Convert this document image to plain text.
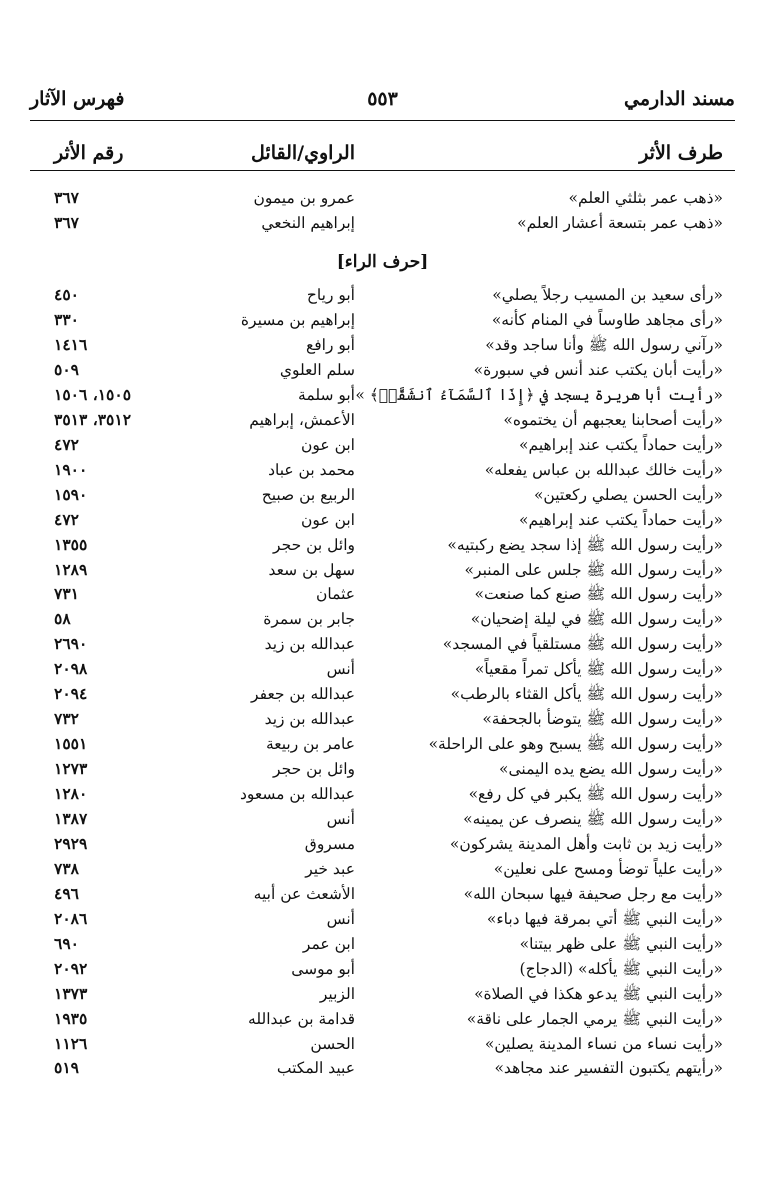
مسند الدارمي
٥٥٣
فهرس الآثار
طرف الأثر
الراوي/القائل
رقم الأثر
«ذهب عمر بثلثي العلم»
عمرو بن ميمون
٣٦٧
«ذهب عمر بتسعة أعشار العلم»
إبراهيم النخعي
٣٦٧
[حرف الراء]
«رأى سعيد بن المسيب رجلاً يصلي»
أبو رياح
٤٥٠
«رأى مجاهد طاوساً في المنام كأنه»
إبراهيم بن مسيرة
٣٣٠
«رآني رسول الله ﷺ وأنا ساجد وقد»
أبو رافع
١٤١٦
«رأيت أبان يكتب عند أنس في سبورة»
سلم العلوي
٥٠٩
«رأيت أبا هريرة يسجد في ﴿إِذَا ٱلسَّمَآءُ ٱنشَقَّتۡ﴾ »
أبو سلمة
١٥٠٥، ١٥٠٦
«رأيت أصحابنا يعجبهم أن يختموه»
الأعمش، إبراهيم
٣٥١٢، ٣٥١٣
«رأيت حماداً يكتب عند إبراهيم»
ابن عون
٤٧٢
«رأيت خالك عبدالله بن عباس يفعله»
محمد بن عباد
١٩٠٠
«رأيت الحسن يصلي ركعتين»
الربيع بن صبيح
١٥٩٠
«رأيت حماداً يكتب عند إبراهيم»
ابن عون
٤٧٢
«رأيت رسول الله ﷺ إذا سجد يضع ركبتيه»
وائل بن حجر
١٣٥٥
«رأيت رسول الله ﷺ جلس على المنبر»
سهل بن سعد
١٢٨٩
«رأيت رسول الله ﷺ صنع كما صنعت»
عثمان
٧٣١
«رأيت رسول الله ﷺ في ليلة إضحيان»
جابر بن سمرة
٥٨
«رأيت رسول الله ﷺ مستلقياً في المسجد»
عبدالله بن زيد
٢٦٩٠
«رأيت رسول الله ﷺ يأكل تمراً مقعياً»
أنس
٢٠٩٨
«رأيت رسول الله ﷺ يأكل القثاء بالرطب»
عبدالله بن جعفر
٢٠٩٤
«رأيت رسول الله ﷺ يتوضأ بالجحفة»
عبدالله بن زيد
٧٣٢
«رأيت رسول الله ﷺ يسبح وهو على الراحلة»
عامر بن ربيعة
١٥٥١
«رأيت رسول الله يضع يده اليمنى»
وائل بن حجر
١٢٧٣
«رأيت رسول الله ﷺ يكبر في كل رفع»
عبدالله بن مسعود
١٢٨٠
«رأيت رسول الله ﷺ ينصرف عن يمينه»
أنس
١٣٨٧
«رأيت زيد بن ثابت وأهل المدينة يشركون»
مسروق
٢٩٢٩
«رأيت علياً توضأ ومسح على نعلين»
عبد خير
٧٣٨
«رأيت مع رجل صحيفة فيها سبحان الله»
الأشعث عن أبيه
٤٩٦
«رأيت النبي ﷺ أتي بمرقة فيها دباء»
أنس
٢٠٨٦
«رأيت النبي ﷺ على ظهر بيتنا»
ابن عمر
٦٩٠
«رأيت النبي ﷺ يأكله» (الدجاج)
أبو موسى
٢٠٩٢
«رأيت النبي ﷺ يدعو هكذا في الصلاة»
الزبير
١٣٧٣
«رأيت النبي ﷺ يرمي الجمار على ناقة»
قدامة بن عبدالله
١٩٣٥
«رأيت نساء من نساء المدينة يصلين»
الحسن
١١٢٦
«رأيتهم يكتبون التفسير عند مجاهد»
عبيد المكتب
٥١٩
